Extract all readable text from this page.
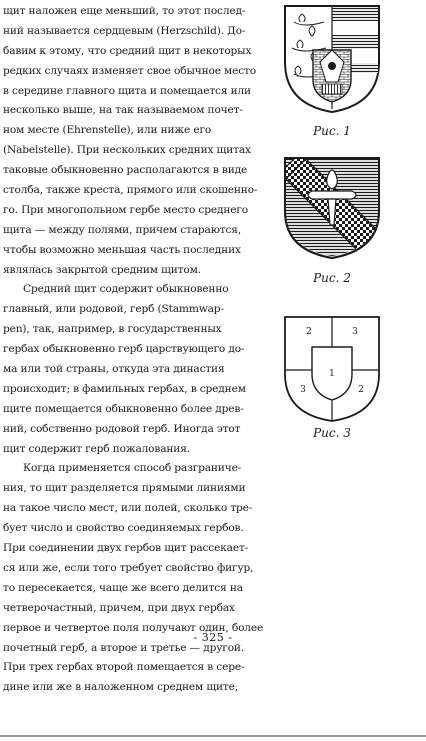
щит наложен еще меньший, то этот послед-
ний называется сердцевым (Herzschild). До-
бавим к этому, что средний щит в некоторых
редких случаях изменяет свое обычное место
в середине главного щита и помещается или
несколько выше, на так называемом почет-
ном месте (Ehrenstelle), или ниже его
(Nabelstelle). При нескольких средних щитах
таковые обыкновенно располагаются в виде
столба, также креста, прямого или скошенно-
го. При многопольном гербе место среднего
щита — между полями, причем стараются,
чтобы возможно меньшая часть последних
являлась закрытой средним щитом.
Средний щит содержит обыкновенно
главный, или родовой, герб (Stammwap-
pen), так, например, в государственных
гербах обыкновенно герб царствующего до-
ма или той страны, откуда эта династия
происходит; в фамильных гербах, в среднем
щите помещается обыкновенно более древ-
ний, собственно родовой герб. Иногда этот
щит содержит герб пожалования.
Когда применяется способ разграниче-
ния, то щит разделяется прямыми линиями
на такое число мест, или полей, сколько тре-
бует число и свойство соединяемых гербов.
При соединении двух гербов щит рассекает-
ся или же, если того требует свойство фигур,
то пересекается, чаще же всего делится на
четверочастный, причем, при двух гербах
первое и четвертое поля получают один, более
почетный герб, а второе и третье — другой.
При трех гербах второй помещается в сере-
дине или же в наложенном среднем щите,
Рис. 1
Рис. 2
2	3
1
3	2
Рис. 3
- 325 -
